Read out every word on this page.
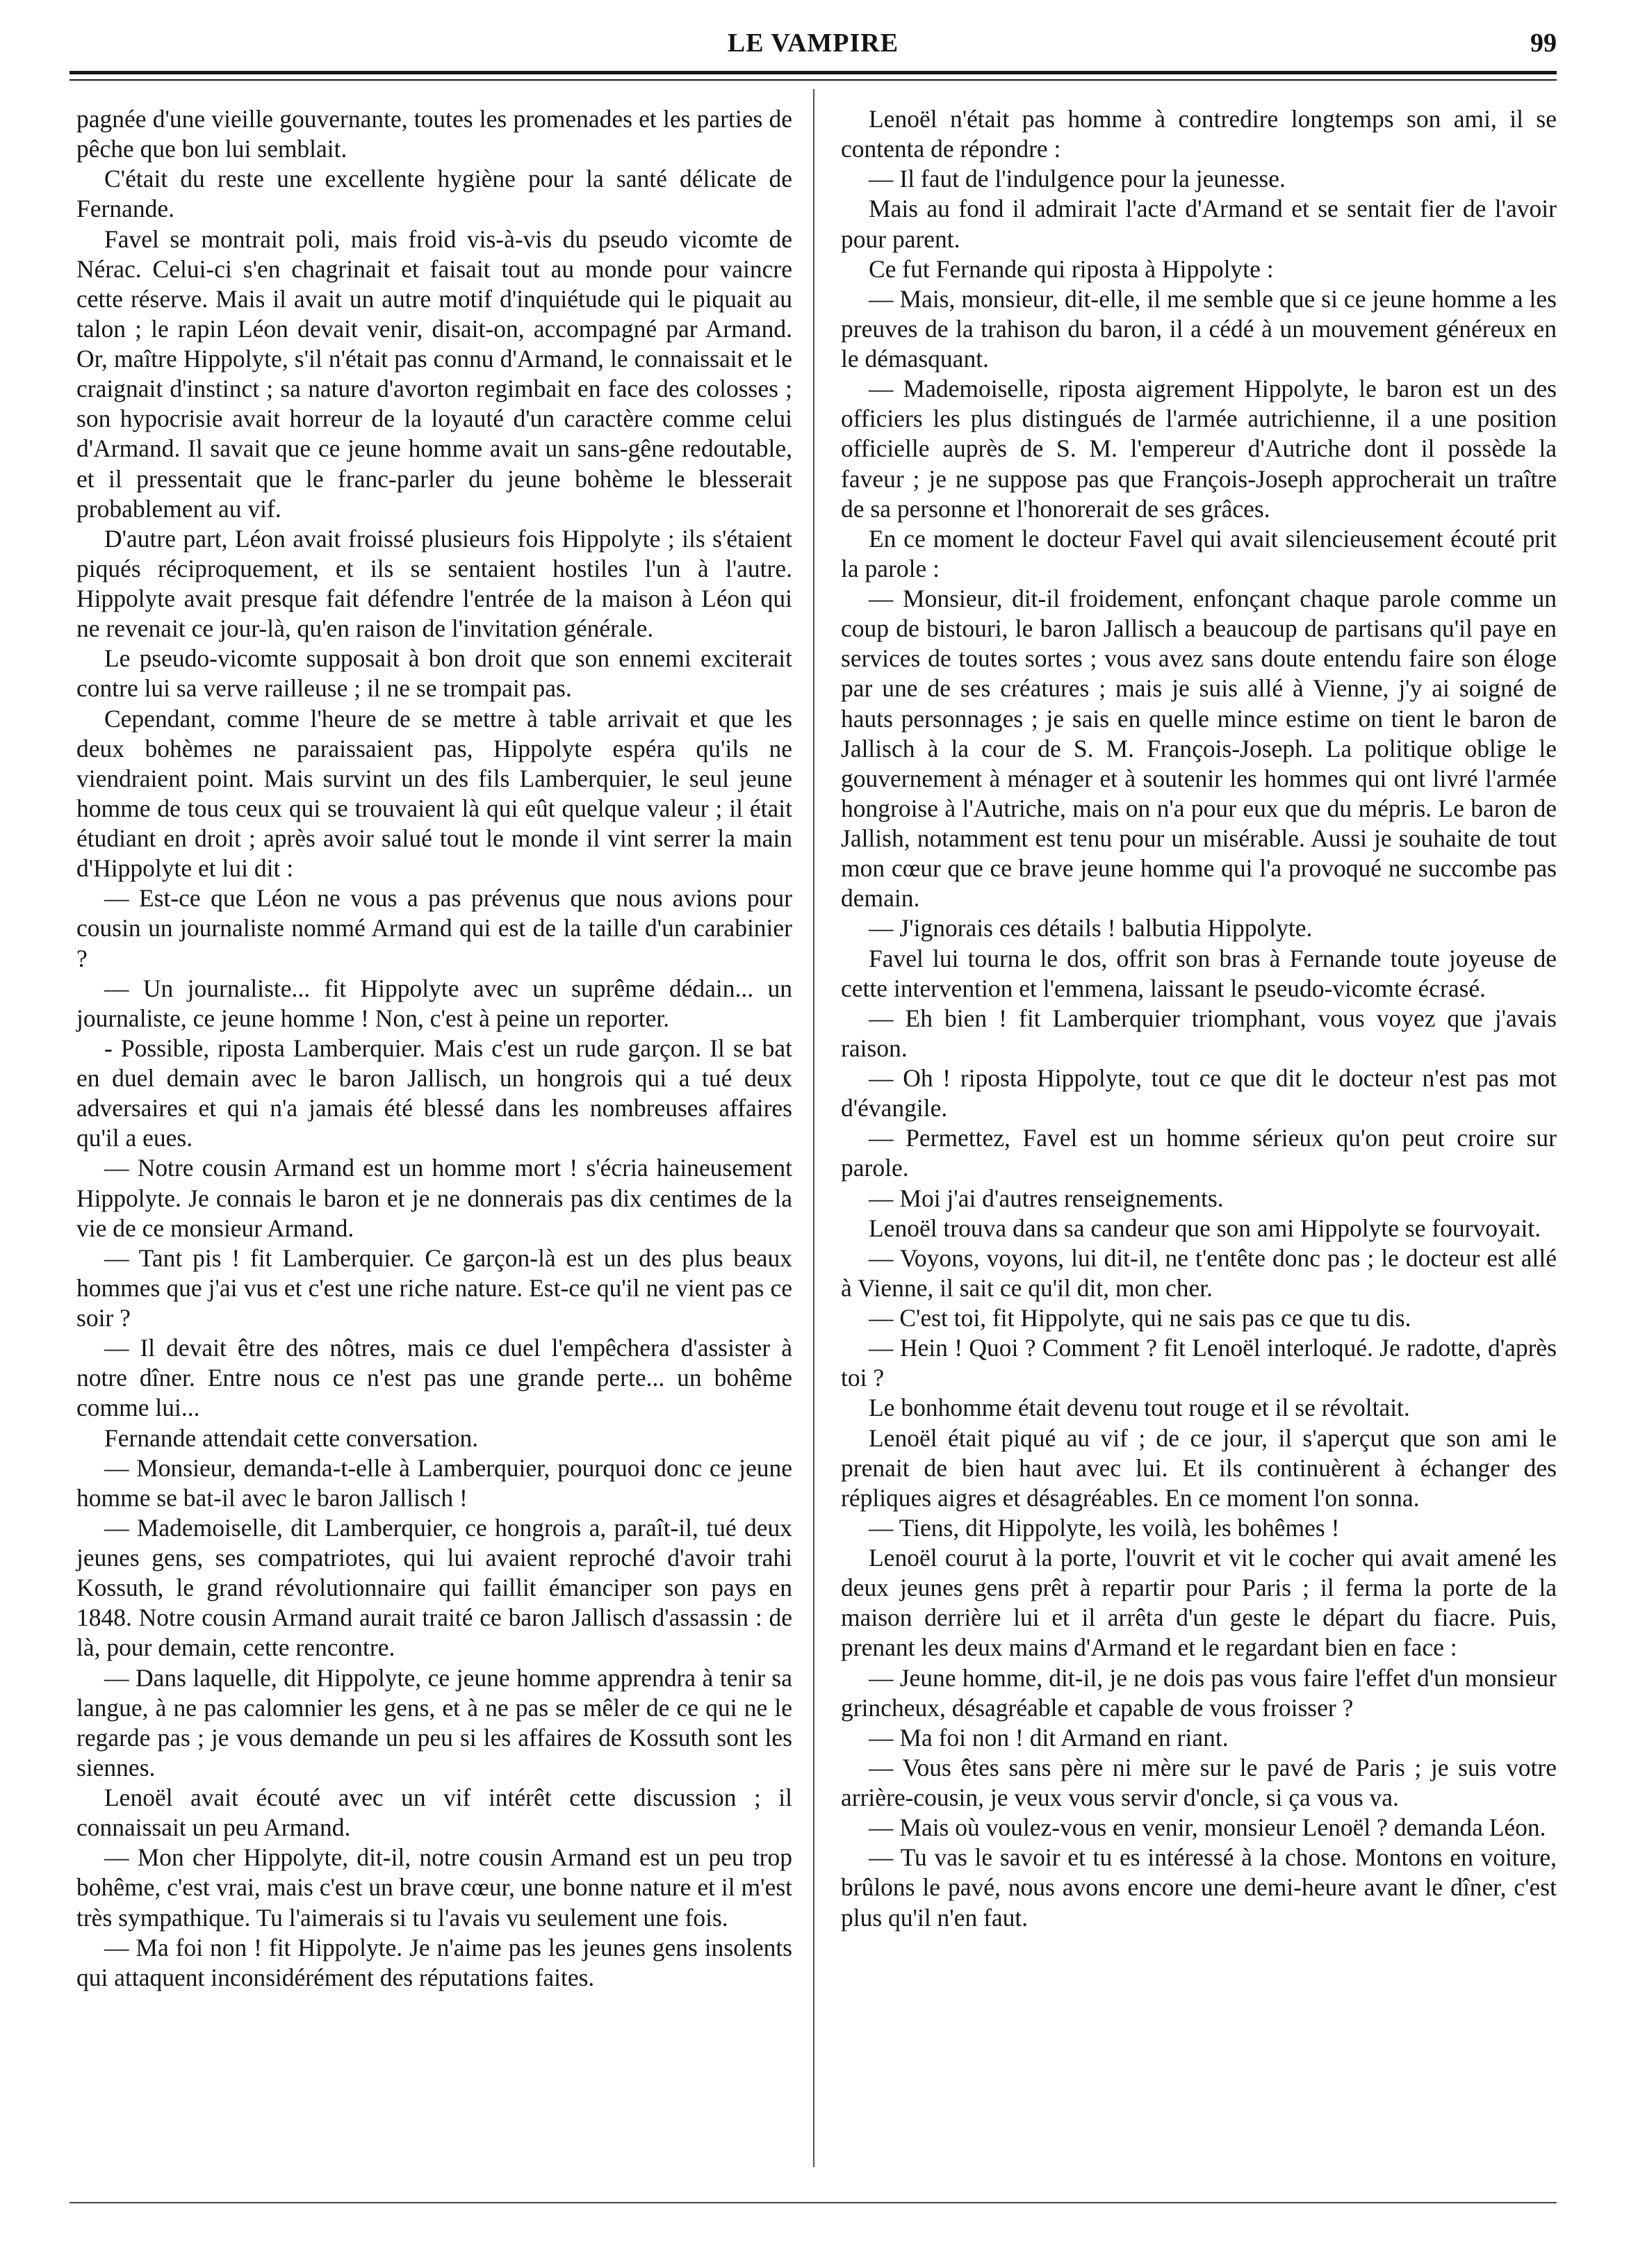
LE VAMPIRE	99

pagnée d'une vieille gouvernante, toutes les promenades et les parties de pêche que bon lui semblait.

C'était du reste une excellente hygiène pour la santé délicate de Fernande.

Favel se montrait poli, mais froid vis-à-vis du pseudo vicomte de Nérac. Celui-ci s'en chagrinait et faisait tout au monde pour vaincre cette réserve. Mais il avait un autre motif d'inquiétude qui le piquait au talon ; le rapin Léon devait venir, disait-on, accompagné par Armand. Or, maître Hippolyte, s'il n'était pas connu d'Armand, le connaissait et le craignait d'instinct ; sa nature d'avorton regimbait en face des colosses ; son hypocrisie avait horreur de la loyauté d'un caractère comme celui d'Armand. Il savait que ce jeune homme avait un sans-gêne redoutable, et il pressentait que le franc-parler du jeune bohème le blesserait probablement au vif.

D'autre part, Léon avait froissé plusieurs fois Hippolyte ; ils s'étaient piqués réciproquement, et ils se sentaient hostiles l'un à l'autre. Hippolyte avait presque fait défendre l'entrée de la maison à Léon qui ne revenait ce jour-là, qu'en raison de l'invitation générale.

Le pseudo-vicomte supposait à bon droit que son ennemi exciterait contre lui sa verve railleuse ; il ne se trompait pas.

Cependant, comme l'heure de se mettre à table arrivait et que les deux bohèmes ne paraissaient pas, Hippolyte espéra qu'ils ne viendraient point. Mais survint un des fils Lamberquier, le seul jeune homme de tous ceux qui se trouvaient là qui eût quelque valeur ; il était étudiant en droit ; après avoir salué tout le monde il vint serrer la main d'Hippolyte et lui dit :

— Est-ce que Léon ne vous a pas prévenus que nous avions pour cousin un journaliste nommé Armand qui est de la taille d'un carabinier ?

— Un journaliste... fit Hippolyte avec un suprême dédain... un journaliste, ce jeune homme ! Non, c'est à peine un reporter.

- Possible, riposta Lamberquier. Mais c'est un rude garçon. Il se bat en duel demain avec le baron Jallisch, un hongrois qui a tué deux adversaires et qui n'a jamais été blessé dans les nombreuses affaires qu'il a eues.

— Notre cousin Armand est un homme mort ! s'écria haineusement Hippolyte. Je connais le baron et je ne donnerais pas dix centimes de la vie de ce monsieur Armand.

— Tant pis ! fit Lamberquier. Ce garçon-là est un des plus beaux hommes que j'ai vus et c'est une riche nature. Est-ce qu'il ne vient pas ce soir ?

— Il devait être des nôtres, mais ce duel l'empêchera d'assister à notre dîner. Entre nous ce n'est pas une grande perte... un bohême comme lui...

Fernande attendait cette conversation.

— Monsieur, demanda-t-elle à Lamberquier, pourquoi donc ce jeune homme se bat-il avec le baron Jallisch !

— Mademoiselle, dit Lamberquier, ce hongrois a, paraît-il, tué deux jeunes gens, ses compatriotes, qui lui avaient reproché d'avoir trahi Kossuth, le grand révolutionnaire qui faillit émanciper son pays en 1848. Notre cousin Armand aurait traité ce baron Jallisch d'assassin : de là, pour demain, cette rencontre.

— Dans laquelle, dit Hippolyte, ce jeune homme apprendra à tenir sa langue, à ne pas calomnier les gens, et à ne pas se mêler de ce qui ne le regarde pas ; je vous demande un peu si les affaires de Kossuth sont les siennes.

Lenoël avait écouté avec un vif intérêt cette discussion ; il connaissait un peu Armand.

— Mon cher Hippolyte, dit-il, notre cousin Armand est un peu trop bohême, c'est vrai, mais c'est un brave cœur, une bonne nature et il m'est très sympathique. Tu l'aimerais si tu l'avais vu seulement une fois.

— Ma foi non ! fit Hippolyte. Je n'aime pas les jeunes gens insolents qui attaquent inconsidérément des réputations faites.

Lenoël n'était pas homme à contredire longtemps son ami, il se contenta de répondre :

— Il faut de l'indulgence pour la jeunesse.

Mais au fond il admirait l'acte d'Armand et se sentait fier de l'avoir pour parent.

Ce fut Fernande qui riposta à Hippolyte :

— Mais, monsieur, dit-elle, il me semble que si ce jeune homme a les preuves de la trahison du baron, il a cédé à un mouvement généreux en le démasquant.

— Mademoiselle, riposta aigrement Hippolyte, le baron est un des officiers les plus distingués de l'armée autrichienne, il a une position officielle auprès de S. M. l'empereur d'Autriche dont il possède la faveur ; je ne suppose pas que François-Joseph approcherait un traître de sa personne et l'honorerait de ses grâces.

En ce moment le docteur Favel qui avait silencieusement écouté prit la parole :

— Monsieur, dit-il froidement, enfonçant chaque parole comme un coup de bistouri, le baron Jallisch a beaucoup de partisans qu'il paye en services de toutes sortes ; vous avez sans doute entendu faire son éloge par une de ses créatures ; mais je suis allé à Vienne, j'y ai soigné de hauts personnages ; je sais en quelle mince estime on tient le baron de Jallisch à la cour de S. M. François-Joseph. La politique oblige le gouvernement à ménager et à soutenir les hommes qui ont livré l'armée hongroise à l'Autriche, mais on n'a pour eux que du mépris. Le baron de Jallish, notamment est tenu pour un misérable. Aussi je souhaite de tout mon cœur que ce brave jeune homme qui l'a provoqué ne succombe pas demain.

— J'ignorais ces détails ! balbutia Hippolyte.

Favel lui tourna le dos, offrit son bras à Fernande toute joyeuse de cette intervention et l'emmena, laissant le pseudo-vicomte écrasé.

— Eh bien ! fit Lamberquier triomphant, vous voyez que j'avais raison.

— Oh ! riposta Hippolyte, tout ce que dit le docteur n'est pas mot d'évangile.

— Permettez, Favel est un homme sérieux qu'on peut croire sur parole.

— Moi j'ai d'autres renseignements.

Lenoël trouva dans sa candeur que son ami Hippolyte se fourvoyait.

— Voyons, voyons, lui dit-il, ne t'entête donc pas ; le docteur est allé à Vienne, il sait ce qu'il dit, mon cher.

— C'est toi, fit Hippolyte, qui ne sais pas ce que tu dis.

— Hein ! Quoi ? Comment ? fit Lenoël interloqué. Je radotte, d'après toi ?

Le bonhomme était devenu tout rouge et il se révoltait.

Lenoël était piqué au vif ; de ce jour, il s'aperçut que son ami le prenait de bien haut avec lui. Et ils continuèrent à échanger des répliques aigres et désagréables. En ce moment l'on sonna.

— Tiens, dit Hippolyte, les voilà, les bohêmes !

Lenoël courut à la porte, l'ouvrit et vit le cocher qui avait amené les deux jeunes gens prêt à repartir pour Paris ; il ferma la porte de la maison derrière lui et il arrêta d'un geste le départ du fiacre. Puis, prenant les deux mains d'Armand et le regardant bien en face :

— Jeune homme, dit-il, je ne dois pas vous faire l'effet d'un monsieur grincheux, désagréable et capable de vous froisser ?

— Ma foi non ! dit Armand en riant.

— Vous êtes sans père ni mère sur le pavé de Paris ; je suis votre arrière-cousin, je veux vous servir d'oncle, si ça vous va.

— Mais où voulez-vous en venir, monsieur Lenoël ? demanda Léon.

— Tu vas le savoir et tu es intéressé à la chose. Montons en voiture, brûlons le pavé, nous avons encore une demi-heure avant le dîner, c'est plus qu'il n'en faut.
